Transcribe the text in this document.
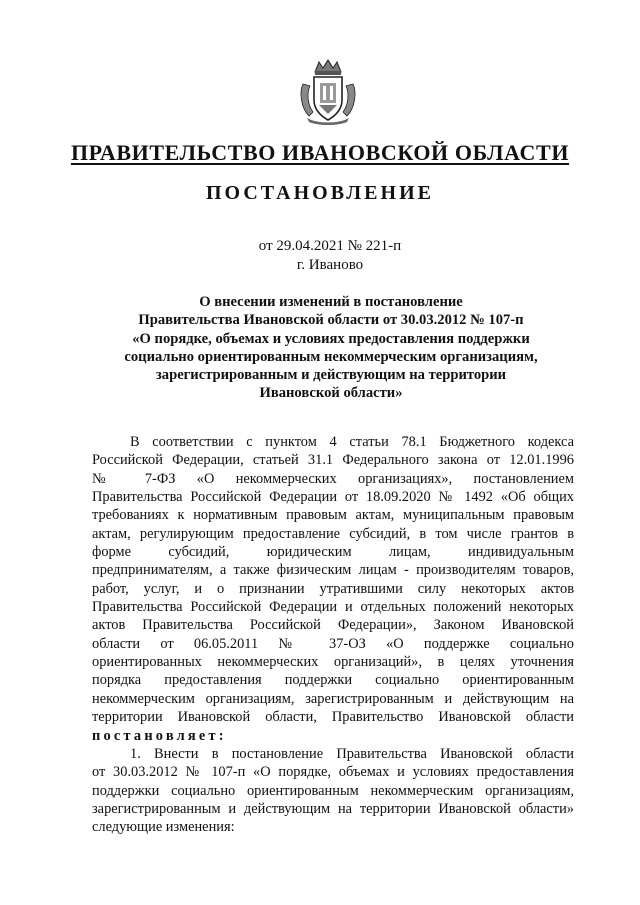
ПРАВИТЕЛЬСТВО ИВАНОВСКОЙ ОБЛАСТИ
ПОСТАНОВЛЕНИЕ
от 29.04.2021 № 221-п
г. Иваново
О внесении изменений в постановление
Правительства Ивановской области от 30.03.2012 № 107-п
«О порядке, объемах и условиях предоставления поддержки
социально ориентированным некоммерческим организациям,
зарегистрированным и действующим на территории
Ивановской области»
В соответствии с пунктом 4 статьи 78.1 Бюджетного кодекса
Российской Федерации, статьей 31.1 Федерального закона от 12.01.1996
№ 7-ФЗ «О некоммерческих организациях», постановлением
Правительства Российской Федерации от 18.09.2020 № 1492 «Об общих
требованиях к нормативным правовым актам, муниципальным правовым
актам, регулирующим предоставление субсидий, в том числе грантов в
форме субсидий, юридическим лицам, индивидуальным
предпринимателям, а также физическим лицам - производителям товаров,
работ, услуг, и о признании утратившими силу некоторых актов
Правительства Российской Федерации и отдельных положений некоторых
актов Правительства Российской Федерации», Законом Ивановской
области от 06.05.2011 № 37-ОЗ «О поддержке социально
ориентированных некоммерческих организаций», в целях уточнения
порядка предоставления поддержки социально ориентированным
некоммерческим организациям, зарегистрированным и действующим на
территории Ивановской области, Правительство Ивановской области
постановляет:
1. Внести в постановление Правительства Ивановской области
от 30.03.2012 № 107-п «О порядке, объемах и условиях предоставления
поддержки социально ориентированным некоммерческим организациям,
зарегистрированным и действующим на территории Ивановской области»
следующие изменения:
